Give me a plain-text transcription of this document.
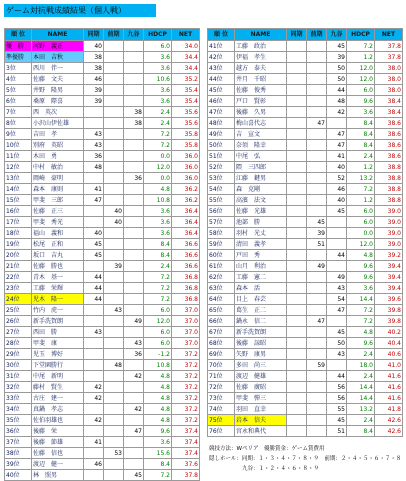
ゲーム対抗戦成績結果（個人戦）
順 位	NAME	同期	前期	九谷	HDCP	NET
優　勝	河野　義正	40			6.0	34.0
準優勝	本田　吉秋	38			3.6	34.4
3位	西川　伴一	38			3.6	34.4
4位	佐藤　文夫	46			10.6	35.2
5位	井野　隆男	39			3.6	35.4
6位	桑原　際喜	39			3.6	35.4
7位	西　英次			38	2.4	35.6
8位	小沢山伊佐雄			38	2.4	35.6
9位	吉田　孝	43			7.2	35.8
10位	別府　英昭	43			7.2	35.8
11位	木田　勇	36			0.0	36.0
12位	中村　敏治	48			12.0	36.0
13位	岡崎　豪明			36	0.0	36.0
14位	森本　康則	41			4.8	36.2
15位	甲斐　三郎	47			10.8	36.2
16位	佐藤　正三		40		3.6	36.4
17位	甲斐　秀光		40		3.6	36.4
18位	福山　義和	40			3.6	36.4
19位	松尾　正和	45			8.4	36.6
20位	坂口　吉丸	45			8.4	36.6
21位	佐藤　勝也		39		2.4	36.6
22位	青木　基一	44			7.2	36.8
23位	工藤　栄輝	44			7.2	36.8
24位	児木　隆一	44			7.2	36.8
25位	竹内　虎一		43		6.0	37.0
26位	新手洗賀朗			49	12.0	37.0
27位	西田　勝	43			6.0	37.0
28位	甲斐　康			43	6.0	37.0
29位	児玉　博好			36	-1.2	37.2
30位	下堂園勝行		48		10.8	37.2
31位	中尾　新明			42	4.8	37.2
32位	藤村　賢生	42			4.8	37.2
33位	古庄　建一	42			4.8	37.2
34位	真鍋　孝志			42	4.8	37.2
35位	佐伯羽雄也	42			4.8	37.2
36位	後藤　栄			47	9.6	37.4
37位	後藤　節雄	41			3.6	37.4
38位	佐藤　信也		53		15.6	37.4
39位	渡辺　健一	46			8.4	37.6
40位	林　照男			45	7.2	37.8
順 位	NAME	同期	前期	九谷	HDCP	NET
41位	工藤　政治			45	7.2	37.8
42位	伊福　孝生			39	1.2	37.8
43位	越方　泰夫			50	12.0	38.0
44位	井月　千昭			50	12.0	38.0
45位	佐藤　俊秀			44	6.0	38.0
46位	戸口　賢彰			48	9.6	38.4
47位	後藤　久男			42	3.6	38.4
48位	梅山喜代志		47		8.4	38.6
49位	吉　宣文			47	8.4	38.6
50位	奈須　隆幸			47	8.4	38.6
51位	中尾　弘			41	2.4	38.6
52位	隈　三四郎			40	1.2	38.8
53位	江藤　鍵男			52	13.2	38.8
54位	森　克剛			46	7.2	38.8
55位	高濱　法文			40	1.2	38.8
56位	佐藤　光雄			45	6.0	39.0
57位	池部　勝		45		6.0	39.0
58位	羽村　光丈		39		0.0	39.0
59位	清田　義孝		51		12.0	39.0
60位	戸田　秀			44	4.8	39.2
61位	山月　利治		49		9.6	39.4
62位	工藤　憲二			49	9.6	39.4
63位	森本　活			43	3.6	39.4
64位	目上　春芸			54	14.4	39.6
65位	葛生　正二			47	7.2	39.8
66位	鍋永　信二		47		7.2	39.8
67位	新手洗賀朗			45	4.8	40.2
68位	後藤　諒昭			50	9.6	40.4
69位	矢野　康男			43	2.4	40.6
70位	多田　尚三		59		18.0	41.0
71位	渡辺　健雄			44	2.4	41.6
72位	佐藤　廣昭			56	14.4	41.6
73位	甲斐　弾三			56	14.4	41.6
74位	羽田　直幸			55	13.2	41.8
75位	岩本　信夫			45	2.4	42.6
76位	宮永和典代			51	8.4	42.6
競技方法：Wペリア　優勝賞金：ゲーム賞費用
隠しホール：同期：１・３・４・７・８・９　前期：２・４・５・６・７・８
　　　　　　九谷：１・２・４・６・８・９
